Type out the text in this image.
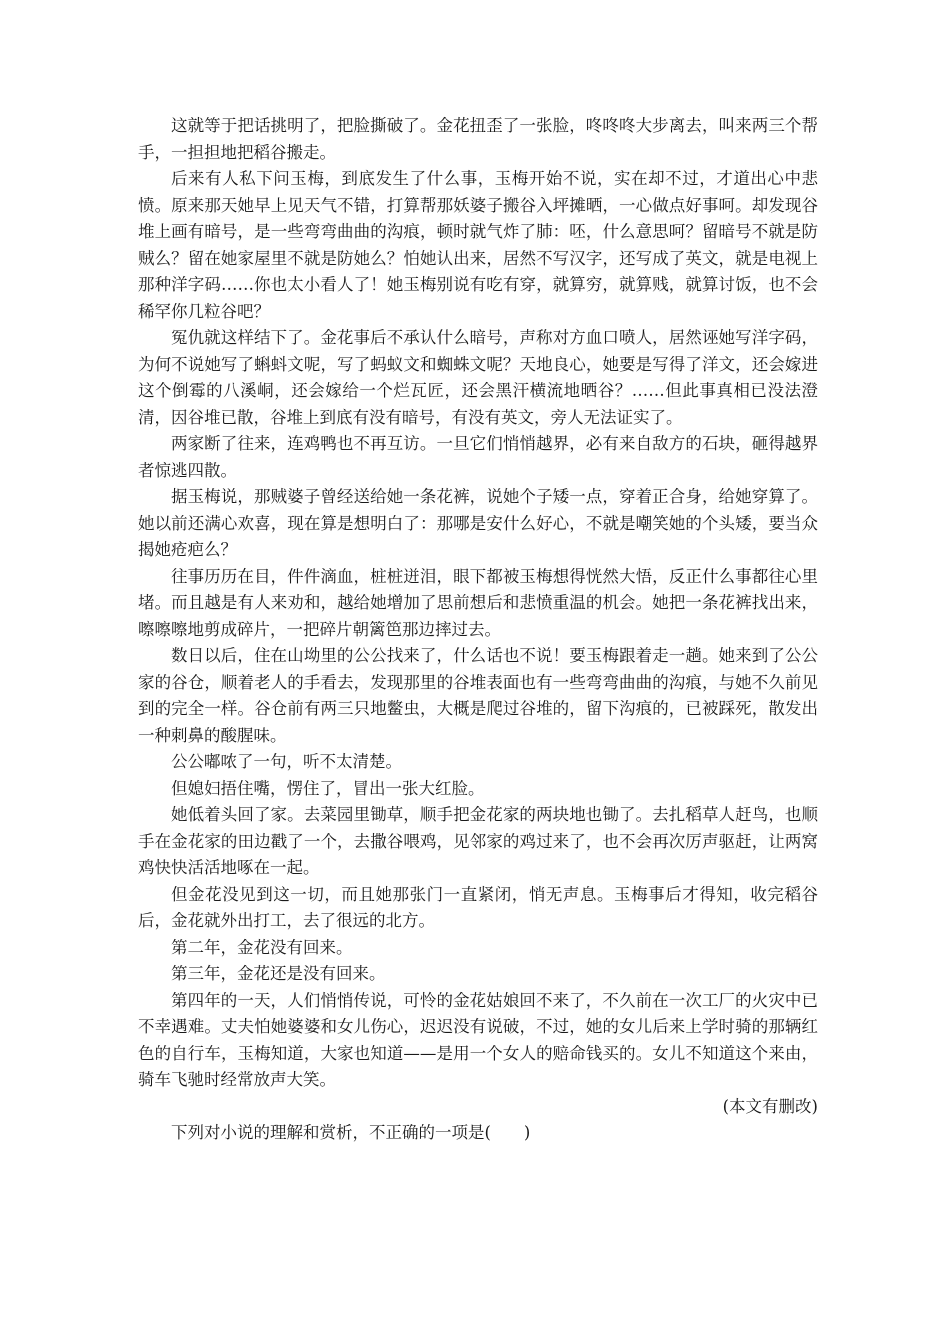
这就等于把话挑明了，把脸撕破了。金花扭歪了一张脸，咚咚咚大步离去，叫来两三个帮手，一担担地把稻谷搬走。

后来有人私下问玉梅，到底发生了什么事，玉梅开始不说，实在却不过，才道出心中悲愤。原来那天她早上见天气不错，打算帮那妖婆子搬谷入坪摊晒，一心做点好事呵。却发现谷堆上画有暗号，是一些弯弯曲曲的沟痕，顿时就气炸了肺：呸，什么意思呵？留暗号不就是防贼么？留在她家屋里不就是防她么？怕她认出来，居然不写汉字，还写成了英文，就是电视上那种洋字码……你也太小看人了！她玉梅别说有吃有穿，就算穷，就算贱，就算讨饭，也不会稀罕你几粒谷吧？

冤仇就这样结下了。金花事后不承认什么暗号，声称对方血口喷人，居然诬她写洋字码，为何不说她写了蝌蚪文呢，写了蚂蚁文和蜘蛛文呢？天地良心，她要是写得了洋文，还会嫁进这个倒霉的八溪峒，还会嫁给一个烂瓦匠，还会黑汗横流地晒谷？……但此事真相已没法澄清，因谷堆已散，谷堆上到底有没有暗号，有没有英文，旁人无法证实了。

两家断了往来，连鸡鸭也不再互访。一旦它们悄悄越界，必有来自敌方的石块，砸得越界者惊逃四散。

据玉梅说，那贼婆子曾经送给她一条花裤，说她个子矮一点，穿着正合身，给她穿算了。她以前还满心欢喜，现在算是想明白了：那哪是安什么好心，不就是嘲笑她的个头矮，要当众揭她疮疤么？

往事历历在目，件件滴血，桩桩迸泪，眼下都被玉梅想得恍然大悟，反正什么事都往心里堵。而且越是有人来劝和，越给她增加了思前想后和悲愤重温的机会。她把一条花裤找出来，嚓嚓嚓地剪成碎片，一把碎片朝篱笆那边摔过去。

数日以后，住在山坳里的公公找来了，什么话也不说！要玉梅跟着走一趟。她来到了公公家的谷仓，顺着老人的手看去，发现那里的谷堆表面也有一些弯弯曲曲的沟痕，与她不久前见到的完全一样。谷仓前有两三只地鳖虫，大概是爬过谷堆的，留下沟痕的，已被踩死，散发出一种刺鼻的酸腥味。

公公嘟哝了一句，听不太清楚。

但媳妇捂住嘴，愣住了，冒出一张大红脸。

她低着头回了家。去菜园里锄草，顺手把金花家的两块地也锄了。去扎稻草人赶鸟，也顺手在金花家的田边戳了一个，去撒谷喂鸡，见邻家的鸡过来了，也不会再次厉声驱赶，让两窝鸡快快活活地啄在一起。

但金花没见到这一切，而且她那张门一直紧闭，悄无声息。玉梅事后才得知，收完稻谷后，金花就外出打工，去了很远的北方。

第二年，金花没有回来。

第三年，金花还是没有回来。

第四年的一天，人们悄悄传说，可怜的金花姑娘回不来了，不久前在一次工厂的火灾中已不幸遇难。丈夫怕她婆婆和女儿伤心，迟迟没有说破，不过，她的女儿后来上学时骑的那辆红色的自行车，玉梅知道，大家也知道——是用一个女人的赔命钱买的。女儿不知道这个来由，骑车飞驰时经常放声大笑。

(本文有删改)

下列对小说的理解和赏析，不正确的一项是(　　)
